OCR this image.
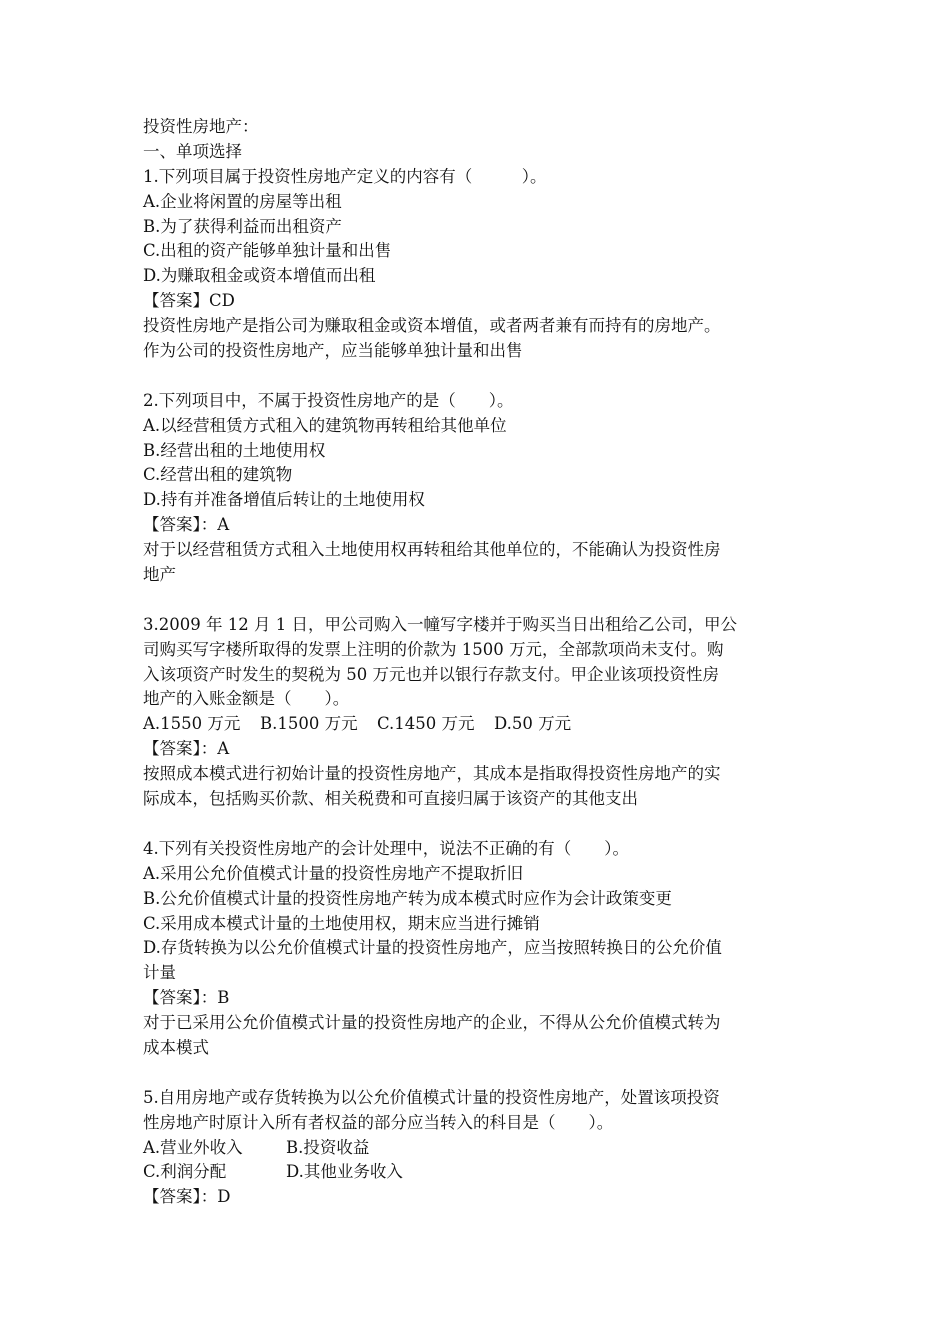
投资性房地产：
一、单项选择
1.下列项目属于投资性房地产定义的内容有（　　　）。
A.企业将闲置的房屋等出租
B.为了获得利益而出租资产
C.出租的资产能够单独计量和出售
D.为赚取租金或资本增值而出租
【答案】CD
投资性房地产是指公司为赚取租金或资本增值，或者两者兼有而持有的房地产。
作为公司的投资性房地产，应当能够单独计量和出售
2.下列项目中，不属于投资性房地产的是（　　）。
A.以经营租赁方式租入的建筑物再转租给其他单位
B.经营出租的土地使用权
C.经营出租的建筑物
D.持有并准备增值后转让的土地使用权
【答案】：A
对于以经营租赁方式租入土地使用权再转租给其他单位的，不能确认为投资性房
地产
3.2009 年 12 月 1 日，甲公司购入一幢写字楼并于购买当日出租给乙公司，甲公
司购买写字楼所取得的发票上注明的价款为 1500 万元，全部款项尚未支付。购
入该项资产时发生的契税为 50 万元也并以银行存款支付。甲企业该项投资性房
地产的入账金额是（　　）。
A.1550 万元	B.1500 万元	C.1450 万元	D.50 万元
【答案】：A
按照成本模式进行初始计量的投资性房地产，其成本是指取得投资性房地产的实
际成本，包括购买价款、相关税费和可直接归属于该资产的其他支出
4.下列有关投资性房地产的会计处理中，说法不正确的有（　　）。
A.采用公允价值模式计量的投资性房地产不提取折旧
B.公允价值模式计量的投资性房地产转为成本模式时应作为会计政策变更
C.采用成本模式计量的土地使用权，期末应当进行摊销
D.存货转换为以公允价值模式计量的投资性房地产，应当按照转换日的公允价值
计量
【答案】：B
对于已采用公允价值模式计量的投资性房地产的企业，不得从公允价值模式转为
成本模式
5.自用房地产或存货转换为以公允价值模式计量的投资性房地产，处置该项投资
性房地产时原计入所有者权益的部分应当转入的科目是（　　）。
A.营业外收入	B.投资收益
C.利润分配	D.其他业务收入
【答案】：D
